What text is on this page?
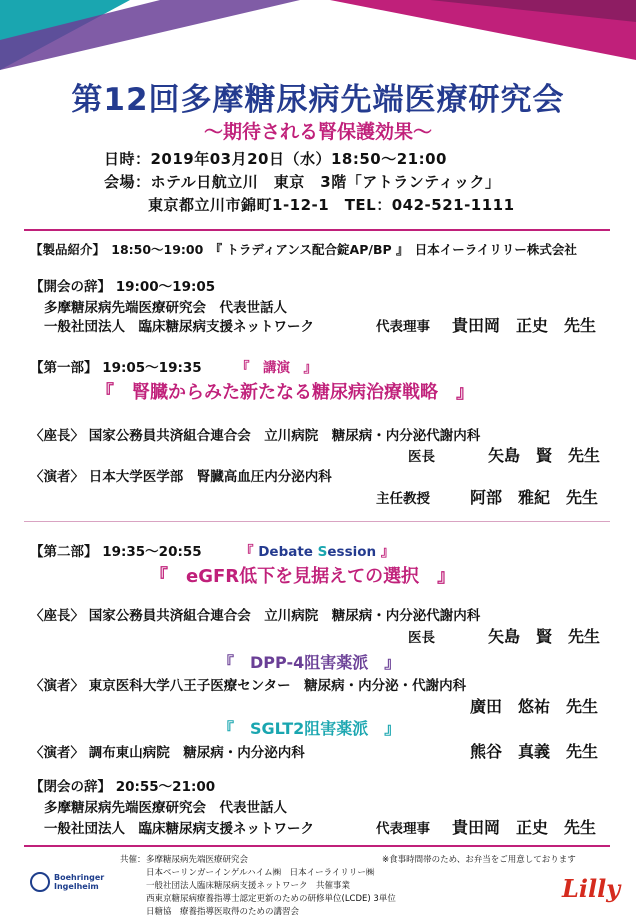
第12回多摩糖尿病先端医療研究会
〜期待される腎保護効果〜
日時：2019年03月20日（水）18:50〜21:00
会場：ホテル日航立川　東京　3階「アトランティック」
東京都立川市錦町1-12-1　TEL：042-521-1111
【製品紹介】　18:50〜19:00　『 トラディアンス配合錠AP/BP 』　日本イーライリリー株式会社
【開会の辞】 19:00〜19:05
多摩糖尿病先端医療研究会　代表世話人
一般社団法人　臨床糖尿病支援ネットワーク	代表理事 貴田岡　正史　先生
【第一部】 19:05〜19:35	『　講演　』
『　腎臓からみた新たなる糖尿病治療戦略　』
〈座長〉 国家公務員共済組合連合会　立川病院　糖尿病・内分泌代謝内科
医長	矢島　賢　先生
〈演者〉 日本大学医学部　腎臓高血圧内分泌内科
主任教授	阿部　雅紀　先生
【第二部】 19:35〜20:55	『 Debate Session 』
『　eGFR低下を見据えての選択　』
〈座長〉 国家公務員共済組合連合会　立川病院　糖尿病・内分泌代謝内科
医長	矢島　賢　先生
『　DPP-4阻害薬派　』
〈演者〉 東京医科大学八王子医療センター　糖尿病・内分泌・代謝内科
廣田　悠祐　先生
『　SGLT2阻害薬派　』
〈演者〉 調布東山病院　糖尿病・内分泌内科	熊谷　真義　先生
【閉会の辞】 20:55〜21:00
多摩糖尿病先端医療研究会　代表世話人
一般社団法人　臨床糖尿病支援ネットワーク	代表理事 貴田岡　正史　先生
共催： 多摩糖尿病先端医療研究会	※食事時間帯のため、お弁当をご用意しております
日本ベーリンガーインゲルハイム㈱　日本イーライリリー㈱
一般社団法人臨床糖尿病支援ネットワーク　共催事業
西東京糖尿病療養指導士認定更新のための研修単位(LCDE) 3単位
日糖協　療養指導医取得のための講習会
Boehringer
Ingelheim	Lilly
